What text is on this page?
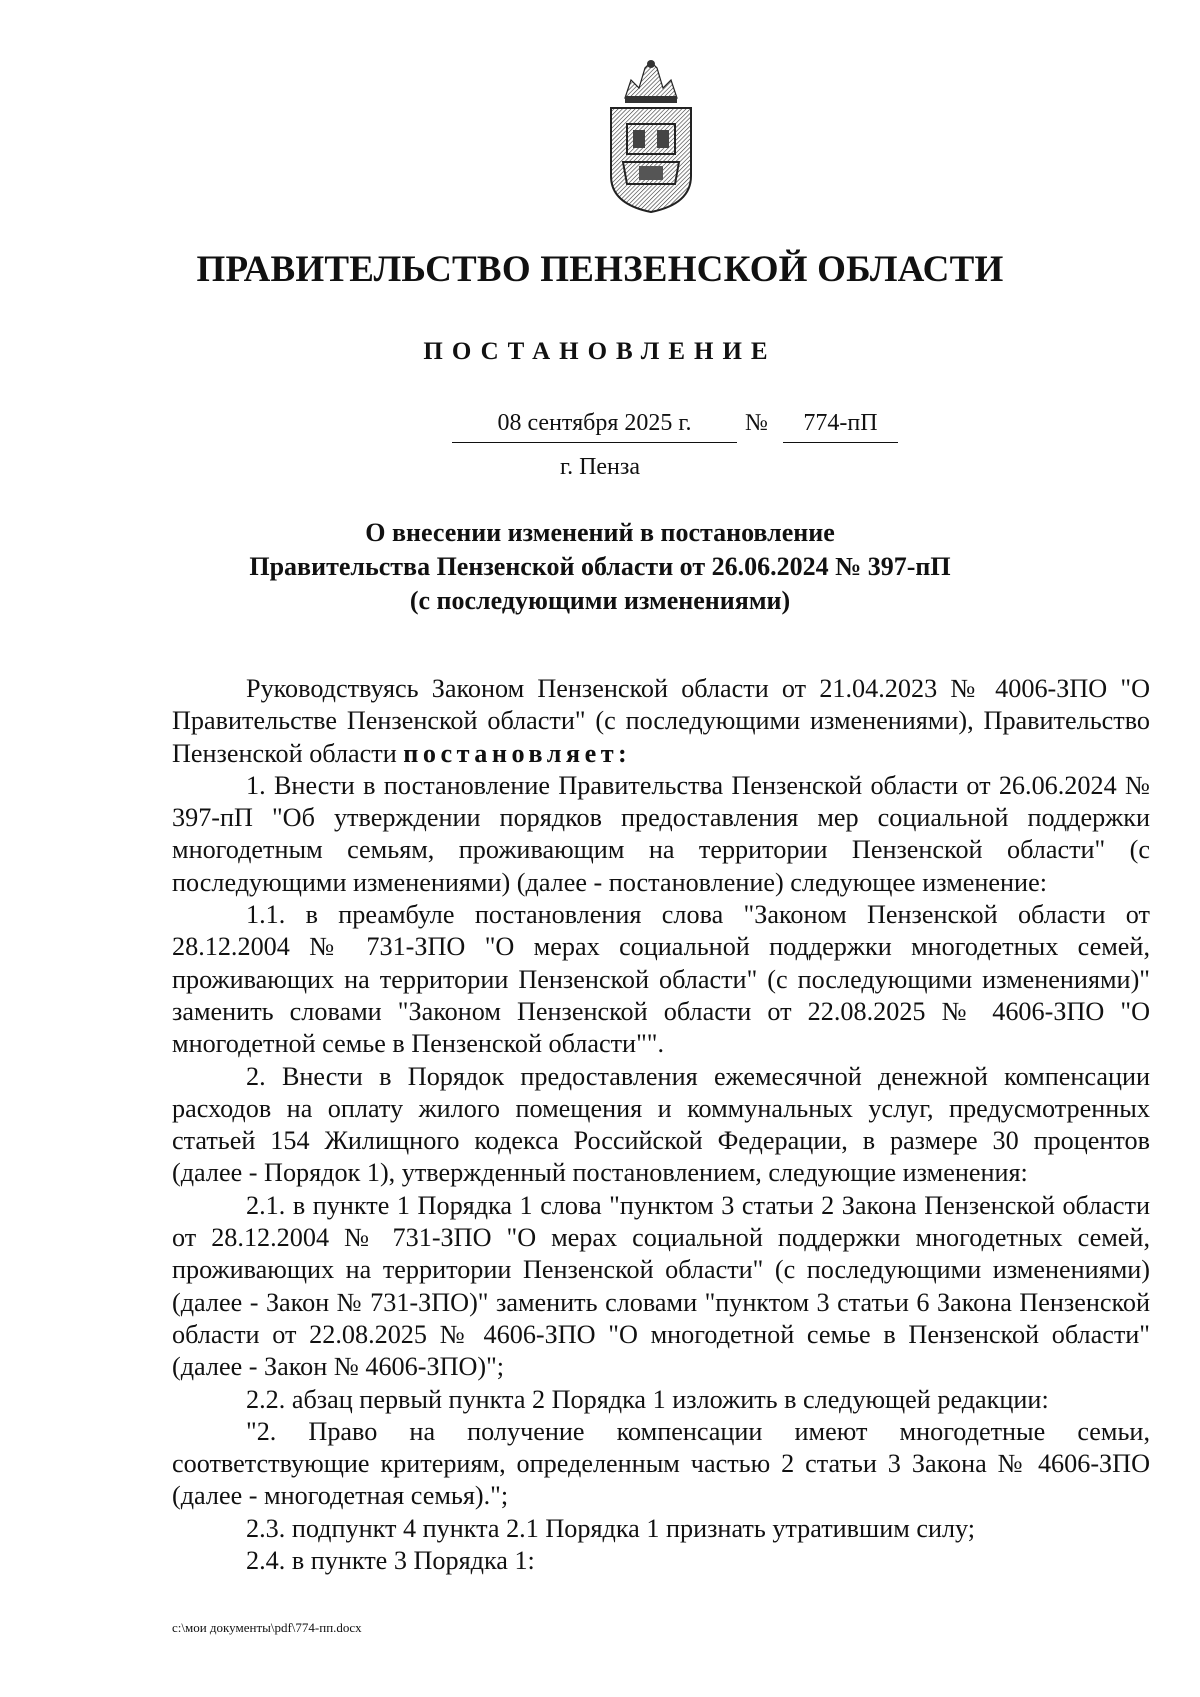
ПРАВИТЕЛЬСТВО ПЕНЗЕНСКОЙ ОБЛАСТИ
ПОСТАНОВЛЕНИЕ
08 сентября 2025 г.	№	774-пП
г. Пенза
О внесении изменений в постановление
Правительства Пензенской области от 26.06.2024 № 397-пП
(с последующими изменениями)

Руководствуясь Законом Пензенской области от 21.04.2023 № 4006-ЗПО "О Правительстве Пензенской области" (с последующими изменениями), Правительство Пензенской области постановляет:

1. Внести в постановление Правительства Пензенской области от 26.06.2024 № 397-пП "Об утверждении порядков предоставления мер социальной поддержки многодетным семьям, проживающим на территории Пензенской области" (с последующими изменениями) (далее - постановление) следующее изменение:

1.1. в преамбуле постановления слова "Законом Пензенской области от 28.12.2004 № 731-ЗПО "О мерах социальной поддержки многодетных семей, проживающих на территории Пензенской области" (с последующими изменениями)" заменить словами "Законом Пензенской области от 22.08.2025 № 4606-ЗПО "О многодетной семье в Пензенской области"".

2. Внести в Порядок предоставления ежемесячной денежной компенсации расходов на оплату жилого помещения и коммунальных услуг, предусмотренных статьей 154 Жилищного кодекса Российской Федерации, в размере 30 процентов (далее - Порядок 1), утвержденный постановлением, следующие изменения:

2.1. в пункте 1 Порядка 1 слова "пунктом 3 статьи 2 Закона Пензенской области от 28.12.2004 № 731-ЗПО "О мерах социальной поддержки многодетных семей, проживающих на территории Пензенской области" (с последующими изменениями) (далее - Закон № 731-ЗПО)" заменить словами "пунктом 3 статьи 6 Закона Пензенской области от 22.08.2025 № 4606-ЗПО "О многодетной семье в Пензенской области" (далее - Закон № 4606-ЗПО)";

2.2. абзац первый пункта 2 Порядка 1 изложить в следующей редакции:

"2. Право на получение компенсации имеют многодетные семьи, соответствующие критериям, определенным частью 2 статьи 3 Закона № 4606-ЗПО (далее - многодетная семья).";

2.3. подпункт 4 пункта 2.1 Порядка 1 признать утратившим силу;

2.4. в пункте 3 Порядка 1:

c:\мои документы\pdf\774-пп.docx
